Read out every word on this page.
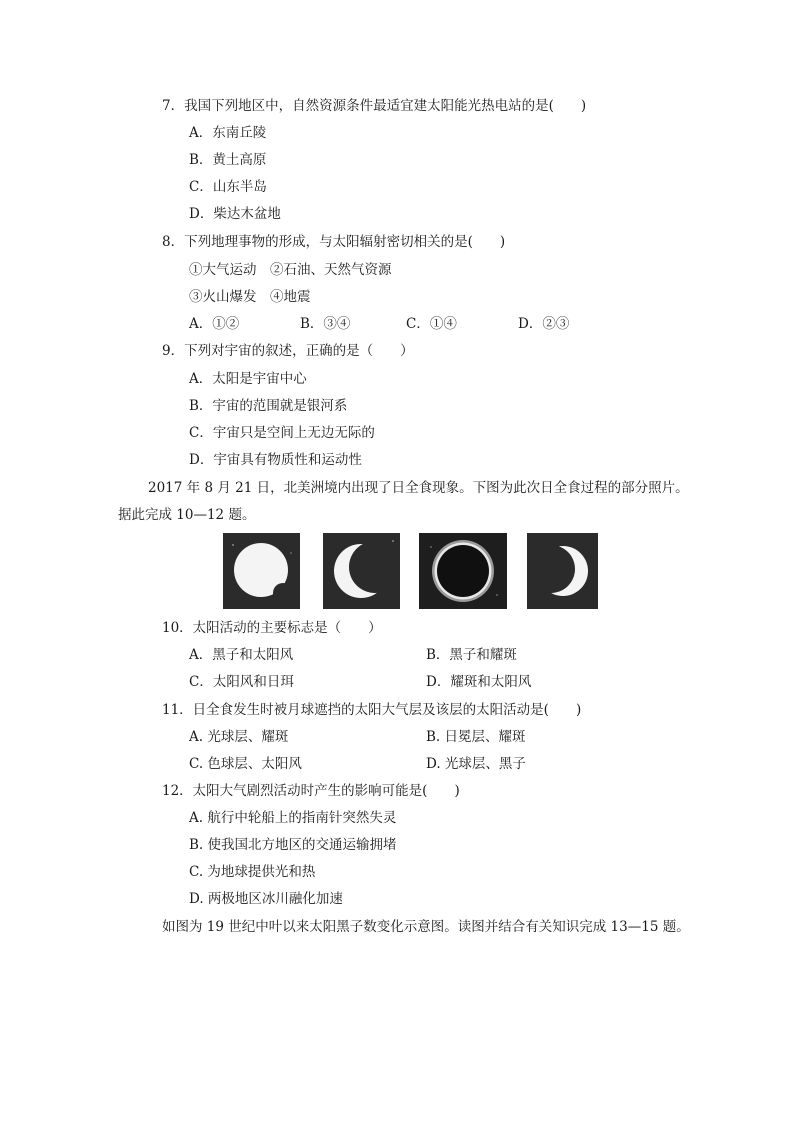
7．我国下列地区中，自然资源条件最适宜建太阳能光热电站的是(　　)
A．东南丘陵
B．黄土高原
C．山东半岛
D．柴达木盆地
8．下列地理事物的形成，与太阳辐射密切相关的是(　　)
①大气运动　②石油、天然气资源
③火山爆发　④地震
A．①②	B．③④	C．①④	D．②③
9．下列对宇宙的叙述，正确的是（　　）
A．太阳是宇宙中心
B．宇宙的范围就是银河系
C．宇宙只是空间上无边无际的
D．宇宙具有物质性和运动性
2017 年 8 月 21 日，北美洲境内出现了日全食现象。下图为此次日全食过程的部分照片。
据此完成 10—12 题。
10．太阳活动的主要标志是（　　）
A．黑子和太阳风	B．黑子和耀斑
C．太阳风和日珥	D．耀斑和太阳风
11．日全食发生时被月球遮挡的太阳大气层及该层的太阳活动是(　　)
A. 光球层、耀斑	B. 日冕层、耀斑
C. 色球层、太阳风	D. 光球层、黑子
12．太阳大气剧烈活动时产生的影响可能是(　　)
A. 航行中轮船上的指南针突然失灵
B. 使我国北方地区的交通运输拥堵
C. 为地球提供光和热
D. 两极地区冰川融化加速
如图为 19 世纪中叶以来太阳黑子数变化示意图。读图并结合有关知识完成 13—15 题。
